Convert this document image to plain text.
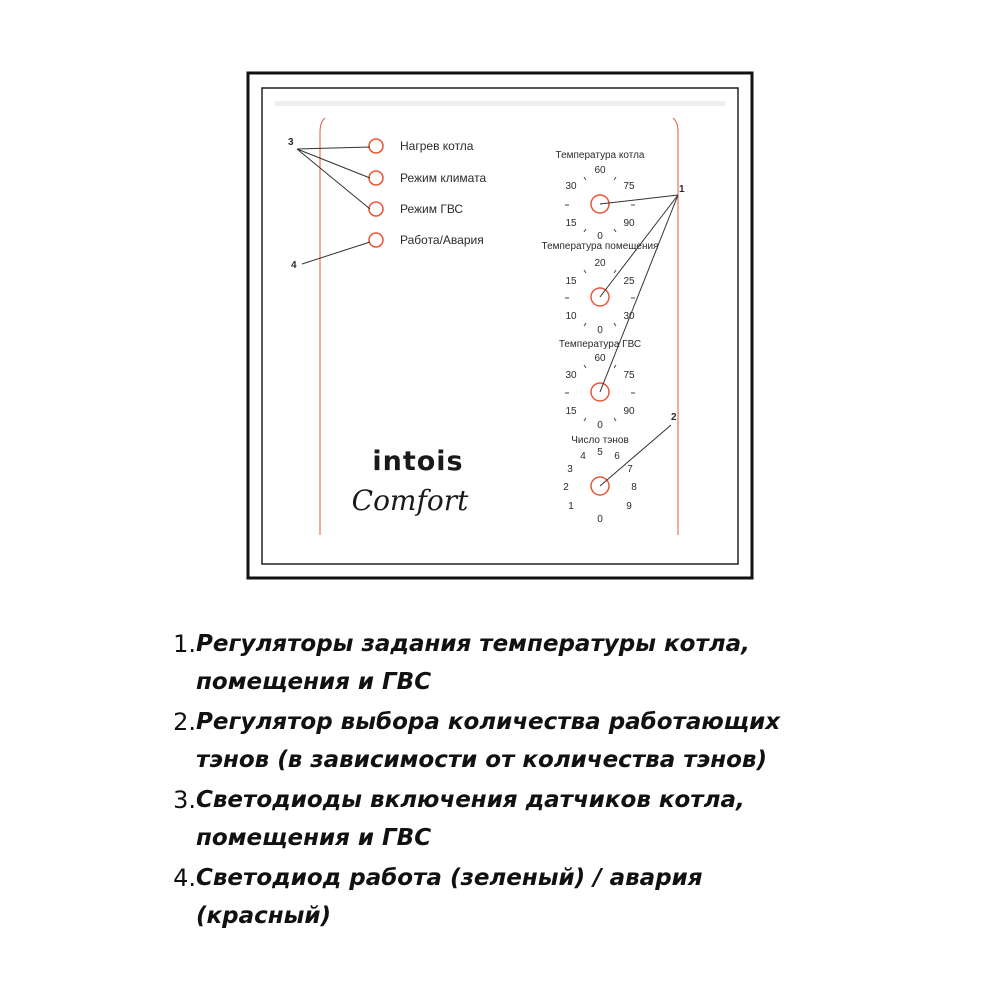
Нагрев котла
Режим климата
Режим ГВС
Работа/Авария
3
4
Температура котла
60
30	75
15	90
0
Температура помещения
20
15	25
10	30
0
Температура ГВС
60
30	75
15	90
0
Число тэнов
0
1
2
3
4 5 6
7
8
9
1
2
intois
Comfort
1. Регуляторы задания температуры котла, помещения и ГВС
2. Регулятор выбора количества работающих тэнов (в зависимости от количества тэнов)
3. Светодиоды включения датчиков котла, помещения и ГВС
4. Светодиод работа (зеленый) / авария (красный)
